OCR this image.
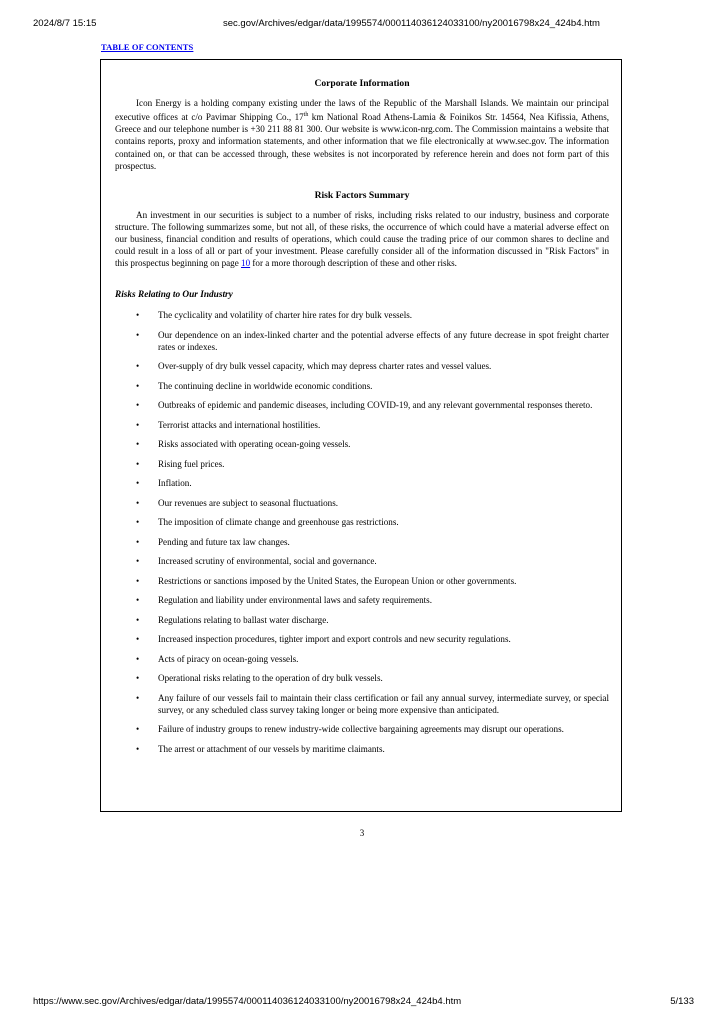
2024/8/7 15:15	sec.gov/Archives/edgar/data/1995574/000114036124033100/ny20016798x24_424b4.htm
TABLE OF CONTENTS
Corporate Information

Icon Energy is a holding company existing under the laws of the Republic of the Marshall Islands. We maintain our principal executive offices at c/o Pavimar Shipping Co., 17th km National Road Athens-Lamia & Foinikos Str. 14564, Nea Kifissia, Athens, Greece and our telephone number is +30 211 88 81 300. Our website is www.icon-nrg.com. The Commission maintains a website that contains reports, proxy and information statements, and other information that we file electronically at www.sec.gov. The information contained on, or that can be accessed through, these websites is not incorporated by reference herein and does not form part of this prospectus.

Risk Factors Summary

An investment in our securities is subject to a number of risks, including risks related to our industry, business and corporate structure. The following summarizes some, but not all, of these risks, the occurrence of which could have a material adverse effect on our business, financial condition and results of operations, which could cause the trading price of our common shares to decline and could result in a loss of all or part of your investment. Please carefully consider all of the information discussed in "Risk Factors" in this prospectus beginning on page 10 for a more thorough description of these and other risks.

Risks Relating to Our Industry
• The cyclicality and volatility of charter hire rates for dry bulk vessels.
• Our dependence on an index-linked charter and the potential adverse effects of any future decrease in spot freight charter rates or indexes.
• Over-supply of dry bulk vessel capacity, which may depress charter rates and vessel values.
• The continuing decline in worldwide economic conditions.
• Outbreaks of epidemic and pandemic diseases, including COVID-19, and any relevant governmental responses thereto.
• Terrorist attacks and international hostilities.
• Risks associated with operating ocean-going vessels.
• Rising fuel prices.
• Inflation.
• Our revenues are subject to seasonal fluctuations.
• The imposition of climate change and greenhouse gas restrictions.
• Pending and future tax law changes.
• Increased scrutiny of environmental, social and governance.
• Restrictions or sanctions imposed by the United States, the European Union or other governments.
• Regulation and liability under environmental laws and safety requirements.
• Regulations relating to ballast water discharge.
• Increased inspection procedures, tighter import and export controls and new security regulations.
• Acts of piracy on ocean-going vessels.
• Operational risks relating to the operation of dry bulk vessels.
• Any failure of our vessels fail to maintain their class certification or fail any annual survey, intermediate survey, or special survey, or any scheduled class survey taking longer or being more expensive than anticipated.
• Failure of industry groups to renew industry-wide collective bargaining agreements may disrupt our operations.
• The arrest or attachment of our vessels by maritime claimants.
3
https://www.sec.gov/Archives/edgar/data/1995574/000114036124033100/ny20016798x24_424b4.htm	5/133
